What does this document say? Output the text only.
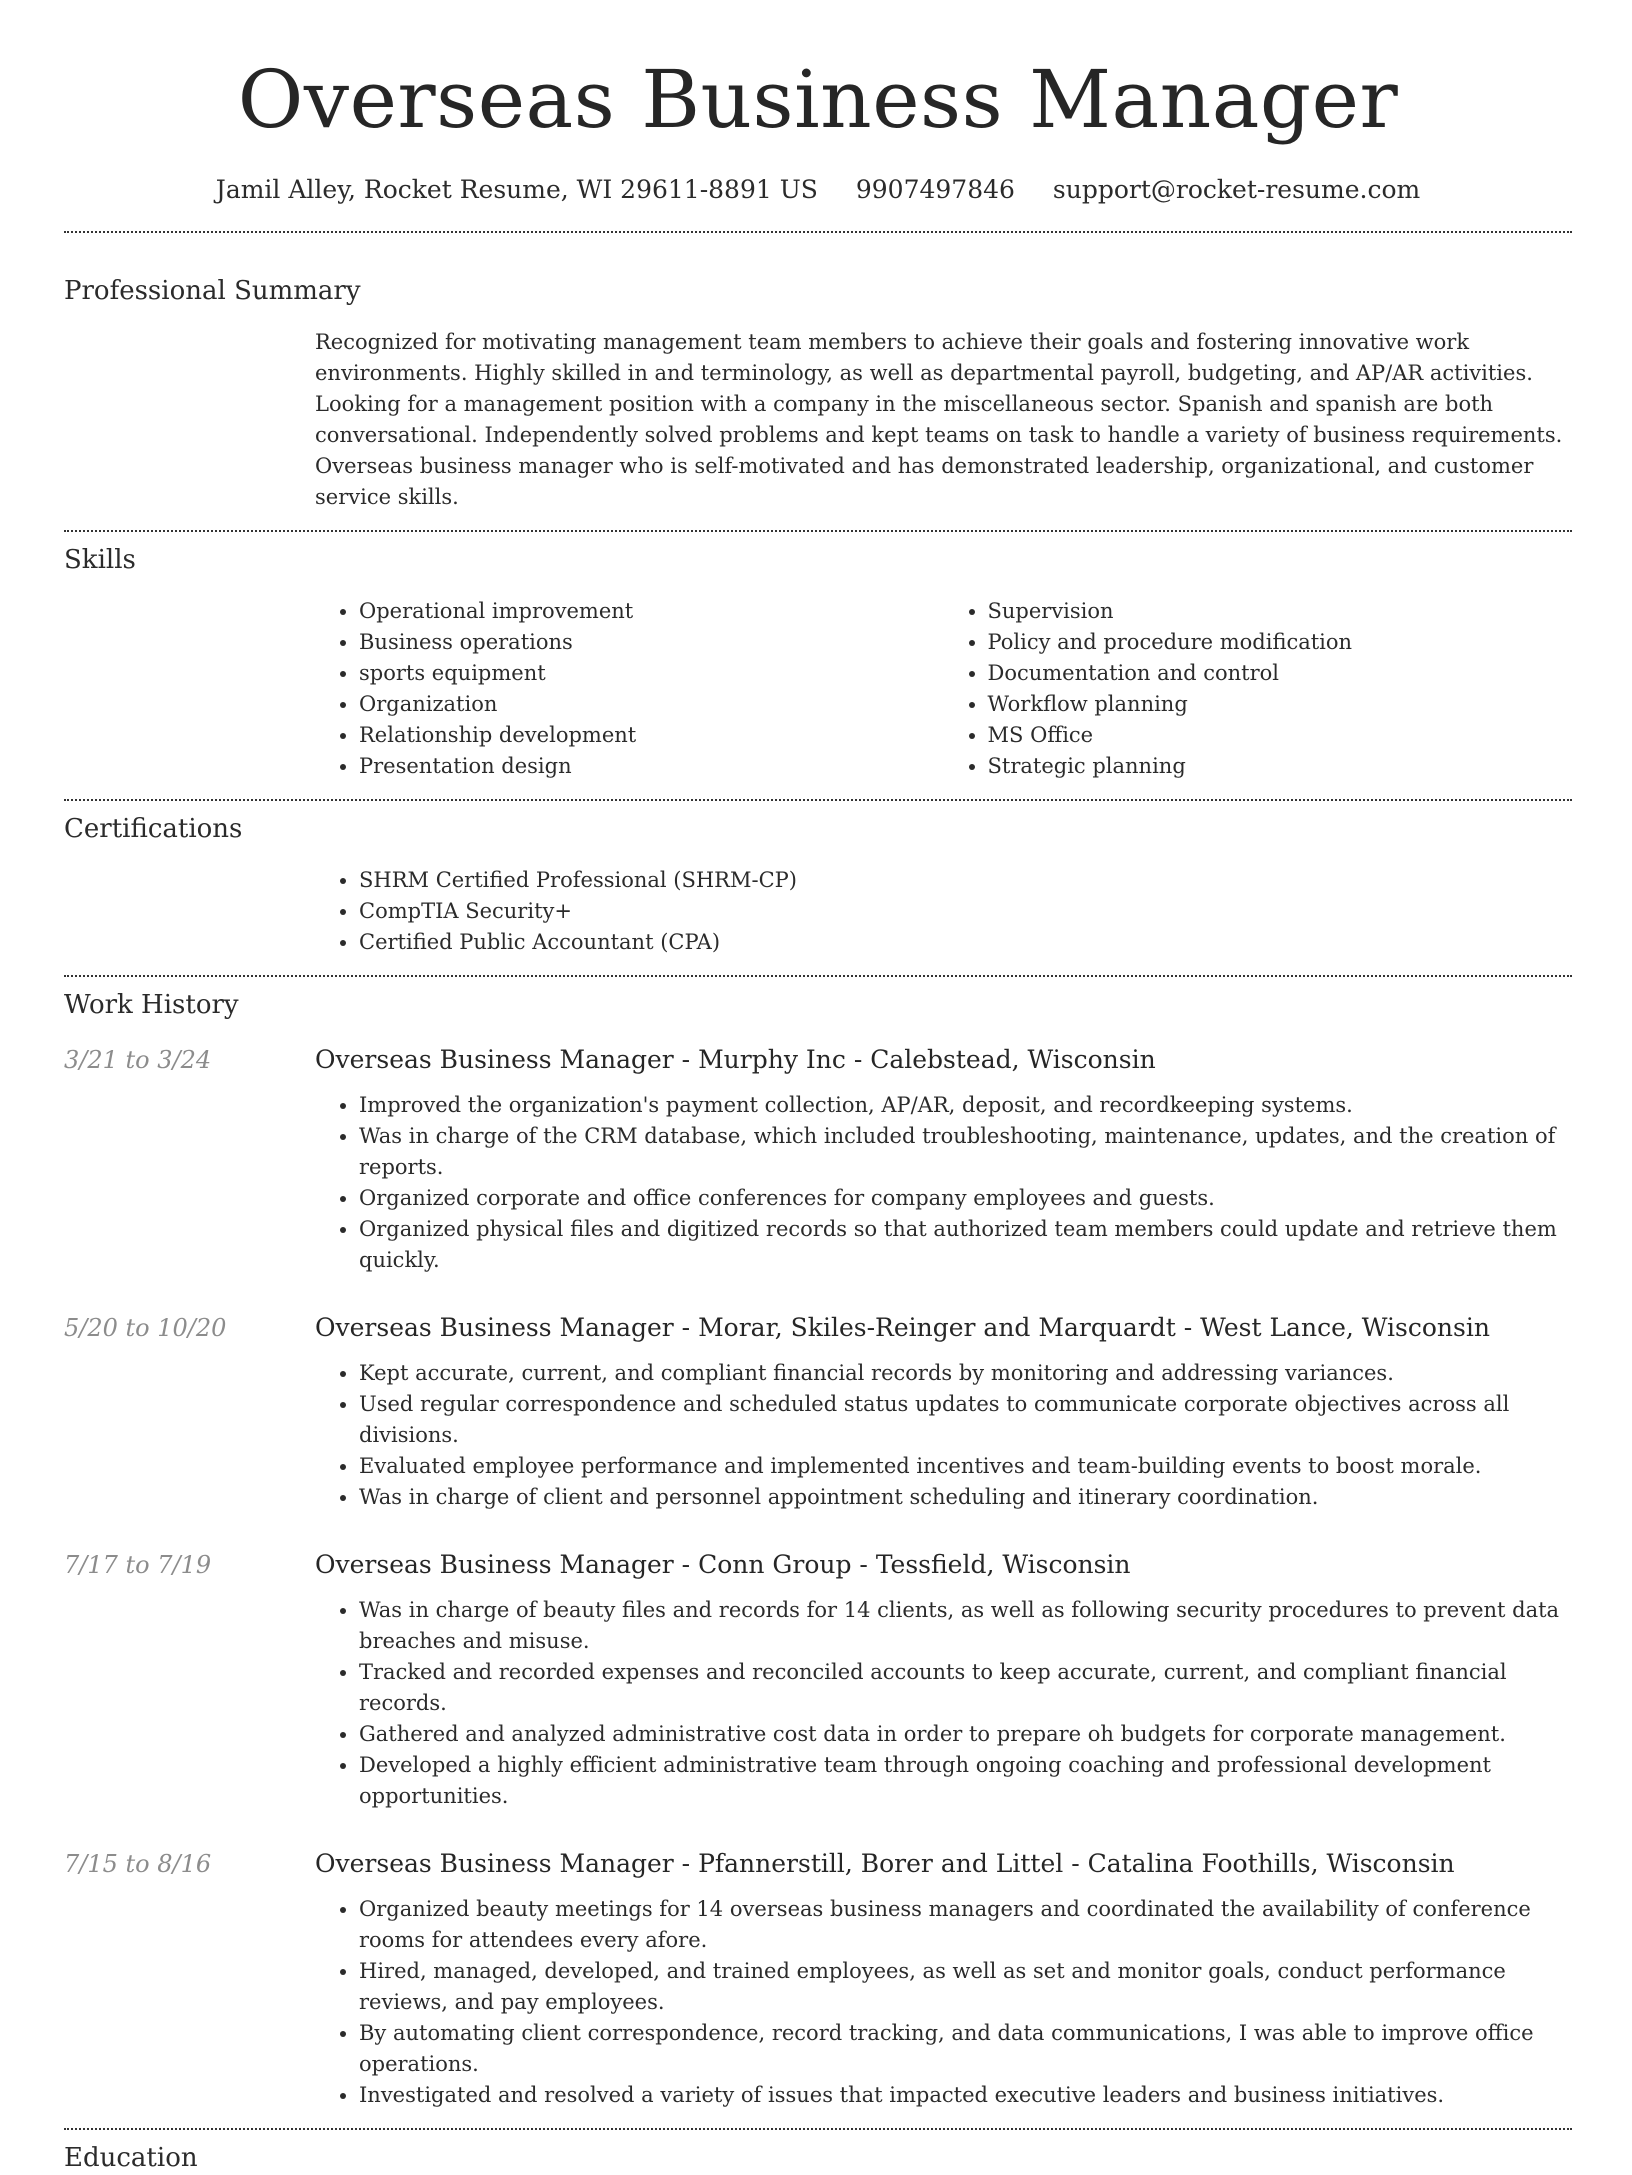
Overseas Business Manager
Jamil Alley, Rocket Resume, WI 29611-8891 US 9907497846 support@rocket-resume.com
Professional Summary
Recognized for motivating management team members to achieve their goals and fostering innovative work environments. Highly skilled in and terminology, as well as departmental payroll, budgeting, and AP/AR activities. Looking for a management position with a company in the miscellaneous sector. Spanish and spanish are both conversational. Independently solved problems and kept teams on task to handle a variety of business requirements. Overseas business manager who is self-motivated and has demonstrated leadership, organizational, and customer service skills.
Skills
• Operational improvement
• Business operations
• sports equipment
• Organization
• Relationship development
• Presentation design
• Supervision
• Policy and procedure modification
• Documentation and control
• Workflow planning
• MS Office
• Strategic planning
Certifications
• SHRM Certified Professional (SHRM-CP)
• CompTIA Security+
• Certified Public Accountant (CPA)
Work History
3/21 to 3/24	Overseas Business Manager - Murphy Inc - Calebstead, Wisconsin
• Improved the organization's payment collection, AP/AR, deposit, and recordkeeping systems.
• Was in charge of the CRM database, which included troubleshooting, maintenance, updates, and the creation of reports.
• Organized corporate and office conferences for company employees and guests.
• Organized physical files and digitized records so that authorized team members could update and retrieve them quickly.
5/20 to 10/20	Overseas Business Manager - Morar, Skiles-Reinger and Marquardt - West Lance, Wisconsin
• Kept accurate, current, and compliant financial records by monitoring and addressing variances.
• Used regular correspondence and scheduled status updates to communicate corporate objectives across all divisions.
• Evaluated employee performance and implemented incentives and team-building events to boost morale.
• Was in charge of client and personnel appointment scheduling and itinerary coordination.
7/17 to 7/19	Overseas Business Manager - Conn Group - Tessfield, Wisconsin
• Was in charge of beauty files and records for 14 clients, as well as following security procedures to prevent data breaches and misuse.
• Tracked and recorded expenses and reconciled accounts to keep accurate, current, and compliant financial records.
• Gathered and analyzed administrative cost data in order to prepare oh budgets for corporate management.
• Developed a highly efficient administrative team through ongoing coaching and professional development opportunities.
7/15 to 8/16	Overseas Business Manager - Pfannerstill, Borer and Littel - Catalina Foothills, Wisconsin
• Organized beauty meetings for 14 overseas business managers and coordinated the availability of conference rooms for attendees every afore.
• Hired, managed, developed, and trained employees, as well as set and monitor goals, conduct performance reviews, and pay employees.
• By automating client correspondence, record tracking, and data communications, I was able to improve office operations.
• Investigated and resolved a variety of issues that impacted executive leaders and business initiatives.
Education
